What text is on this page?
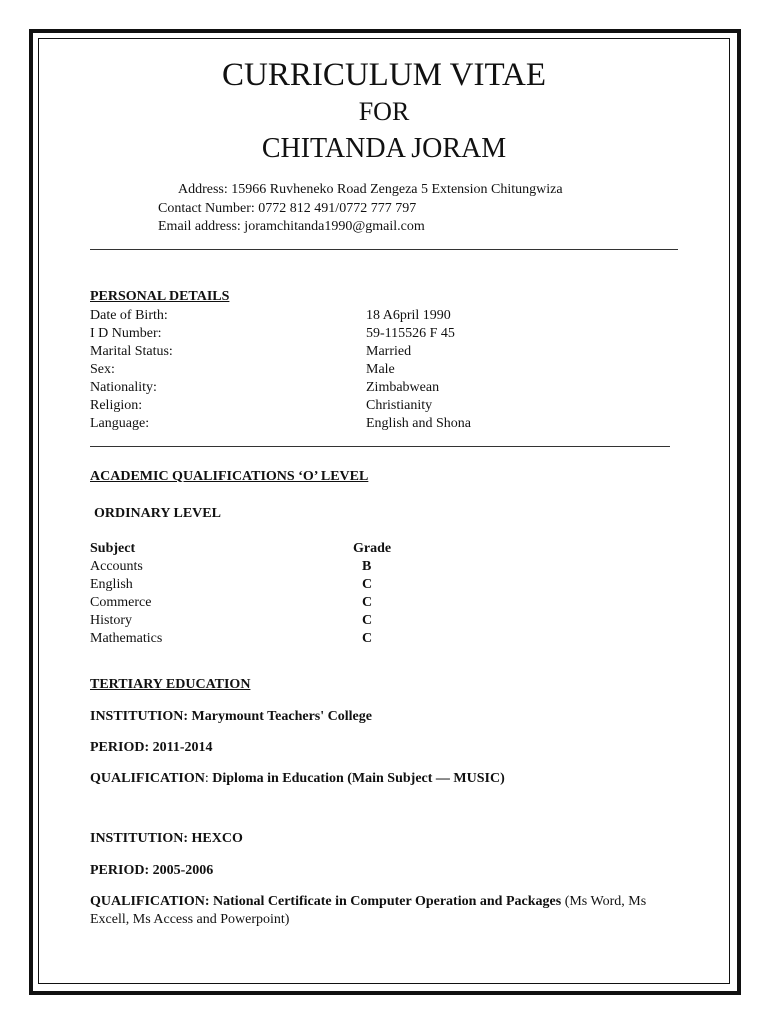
CURRICULUM VITAE
FOR
CHITANDA JORAM
Address: 15966 Ruvheneko Road Zengeza 5 Extension Chitungwiza
Contact Number: 0772 812 491/0772 777 797
Email address: joramchitanda1990@gmail.com
PERSONAL DETAILS
Date of Birth:	18 A6pril 1990
I D Number:	59-115526 F 45
Marital Status:	Married
Sex:	Male
Nationality:	Zimbabwean
Religion:	Christianity
Language:	English and Shona
ACADEMIC QUALIFICATIONS ‘O’ LEVEL
ORDINARY LEVEL
Subject	Grade
Accounts	B
English	C
Commerce	C
History	C
Mathematics	C
TERTIARY EDUCATION
INSTITUTION: Marymount Teachers' College
PERIOD: 2011-2014
QUALIFICATION: Diploma in Education (Main Subject — MUSIC)
INSTITUTION: HEXCO
PERIOD: 2005-2006
QUALIFICATION: National Certificate in Computer Operation and Packages (Ms Word, Ms Excell, Ms Access and Powerpoint)
